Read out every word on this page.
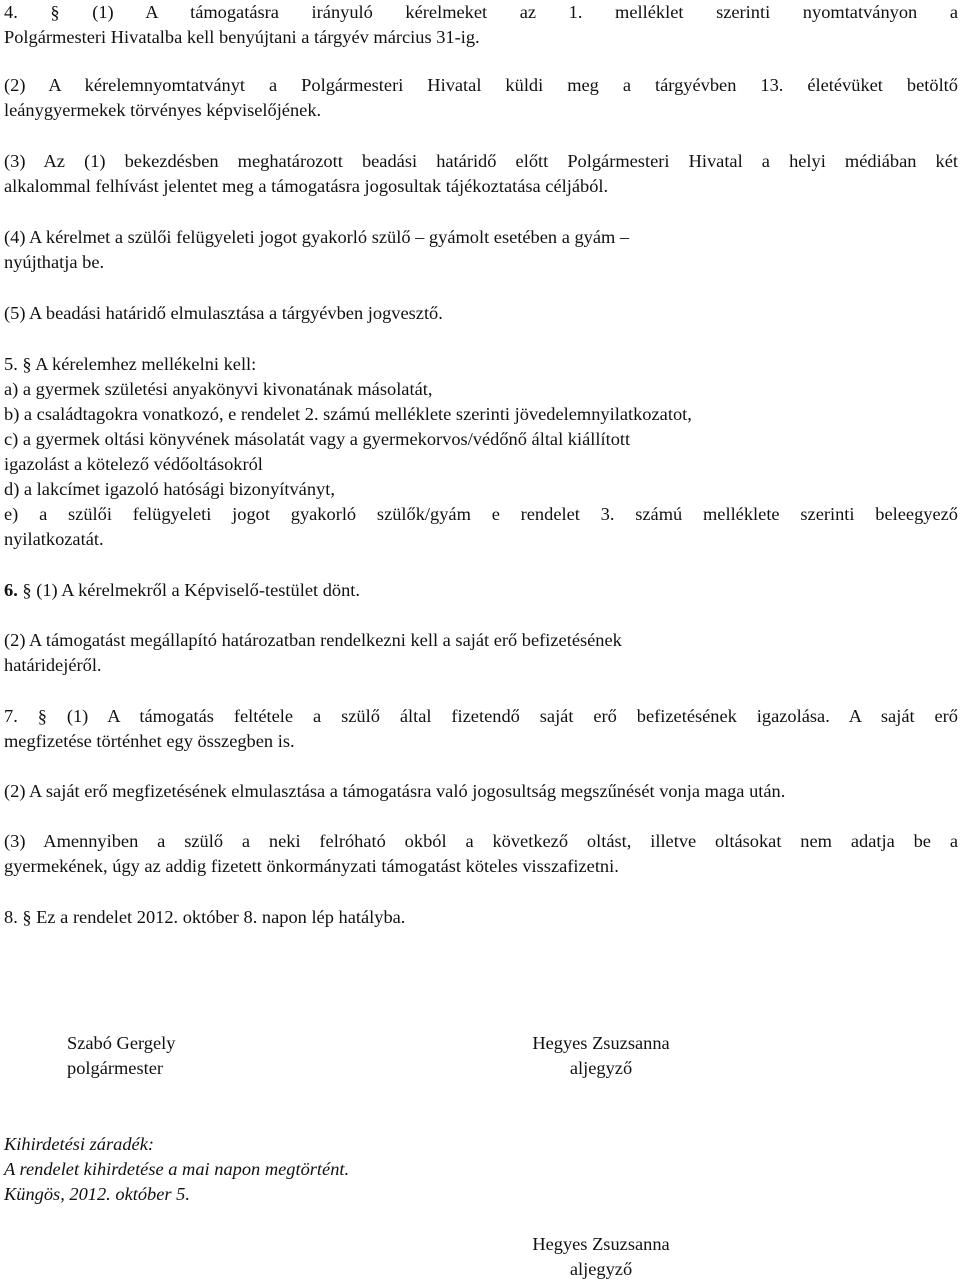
4. § (1) A támogatásra irányuló kérelmeket az 1. melléklet szerinti nyomtatványon a
Polgármesteri Hivatalba kell benyújtani a tárgyév március 31-ig.
(2) A kérelemnyomtatványt a Polgármesteri Hivatal küldi meg a tárgyévben 13. életévüket betöltő
leánygyermekek törvényes képviselőjének.
(3) Az (1) bekezdésben meghatározott beadási határidő előtt Polgármesteri Hivatal a helyi médiában két
alkalommal felhívást jelentet meg a támogatásra jogosultak tájékoztatása céljából.
(4) A kérelmet a szülői felügyeleti jogot gyakorló szülő – gyámolt esetében a gyám –
nyújthatja be.
(5) A beadási határidő elmulasztása a tárgyévben jogvesztő.
5. § A kérelemhez mellékelni kell:
a) a gyermek születési anyakönyvi kivonatának másolatát,
b) a családtagokra vonatkozó, e rendelet 2. számú melléklete szerinti jövedelemnyilatkozatot,
c) a gyermek oltási könyvének másolatát vagy a gyermekorvos/védőnő által kiállított
igazolást a kötelező védőoltásokról
d) a lakcímet igazoló hatósági bizonyítványt,
e) a szülői felügyeleti jogot gyakorló szülők/gyám e rendelet 3. számú melléklete szerinti beleegyező
nyilatkozatát.
6. § (1) A kérelmekről a Képviselő-testület dönt.
(2) A támogatást megállapító határozatban rendelkezni kell a saját erő befizetésének
határidejéről.
7. § (1) A támogatás feltétele a szülő által fizetendő saját erő befizetésének igazolása. A saját erő
megfizetése történhet egy összegben is.
(2) A saját erő megfizetésének elmulasztása a támogatásra való jogosultság megszűnését vonja maga után.
(3) Amennyiben a szülő a neki felróható okból a következő oltást, illetve oltásokat nem adatja be a
gyermekének, úgy az addig fizetett önkormányzati támogatást köteles visszafizetni.
8. § Ez a rendelet 2012. október 8. napon lép hatályba.
Szabó Gergely
polgármester
Hegyes Zsuzsanna
aljegyző
Kihirdetési záradék:
A rendelet kihirdetése a mai napon megtörtént.
Küngös, 2012. október 5.
Hegyes Zsuzsanna
aljegyző
